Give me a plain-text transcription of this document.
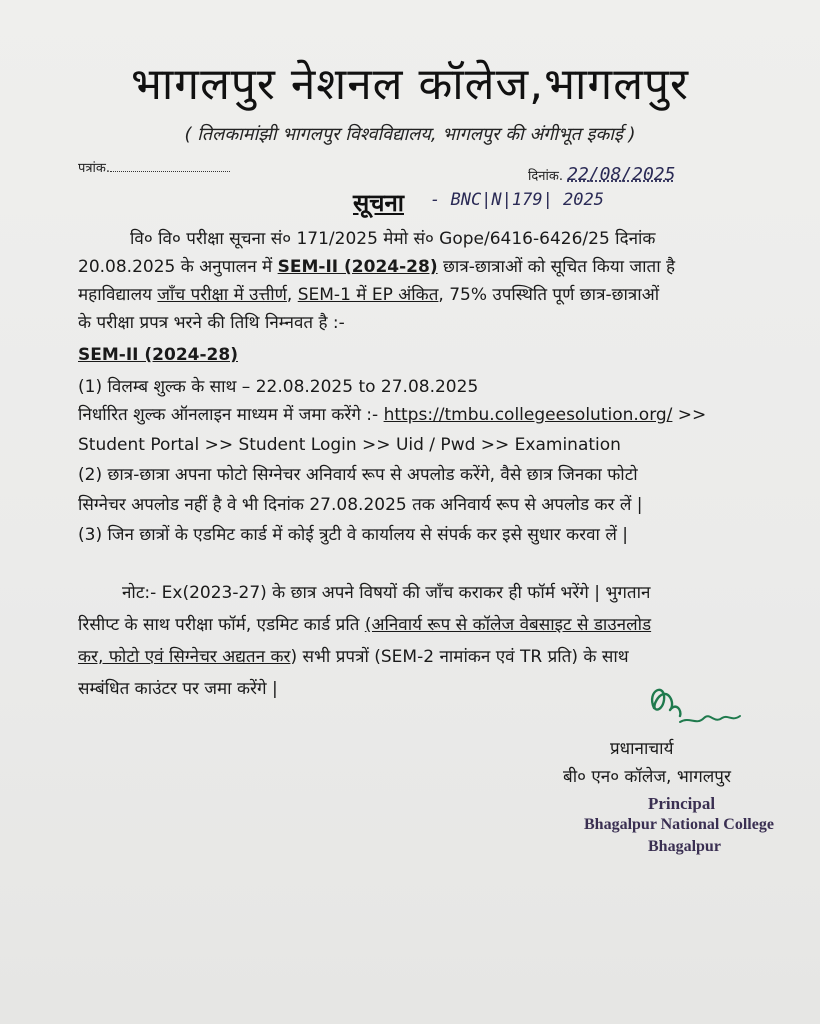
भागलपुर नेशनल कॉलेज,भागलपुर
( तिलकामांझी भागलपुर विश्वविद्यालय, भागलपुर की अंगीभूत इकाई )
पत्रांक.
दिनांक. 22/08/2025
सूचना - BNC|N|179| 2025
वि० वि० परीक्षा सूचना सं० 171/2025 मेमो सं० Gope/6416-6426/25 दिनांक
20.08.2025 के अनुपालन में SEM-II (2024-28) छात्र-छात्राओं को सूचित किया जाता है
महाविद्यालय जाँच परीक्षा में उत्तीर्ण, SEM-1 में EP अंकित, 75% उपस्थिति पूर्ण छात्र-छात्राओं
के परीक्षा प्रपत्र भरने की तिथि निम्नवत है :-
SEM-II (2024-28)
(1) विलम्ब शुल्क के साथ – 22.08.2025 to 27.08.2025
निर्धारित शुल्क ऑनलाइन माध्यम में जमा करेंगे :- https://tmbu.collegeesolution.org/ >>
Student Portal >> Student Login >> Uid / Pwd >> Examination
(2) छात्र-छात्रा अपना फोटो सिग्नेचर अनिवार्य रूप से अपलोड करेंगे, वैसे छात्र जिनका फोटो
सिग्नेचर अपलोड नहीं है वे भी दिनांक 27.08.2025 तक अनिवार्य रूप से अपलोड कर लें |
(3) जिन छात्रों के एडमिट कार्ड में कोई त्रुटी वे कार्यालय से संपर्क कर इसे सुधार करवा लें |
नोट:- Ex(2023-27) के छात्र अपने विषयों की जाँच कराकर ही फॉर्म भरेंगे | भुगतान
रिसीप्ट के साथ परीक्षा फॉर्म, एडमिट कार्ड प्रति (अनिवार्य रूप से कॉलेज वेबसाइट से डाउनलोड
कर, फोटो एवं सिग्नेचर अद्यतन कर) सभी प्रपत्रों (SEM-2 नामांकन एवं TR प्रति) के साथ
सम्बंधित काउंटर पर जमा करेंगे |
प्रधानाचार्य
बी० एन० कॉलेज, भागलपुर
Principal
Bhagalpur National College
Bhagalpur
